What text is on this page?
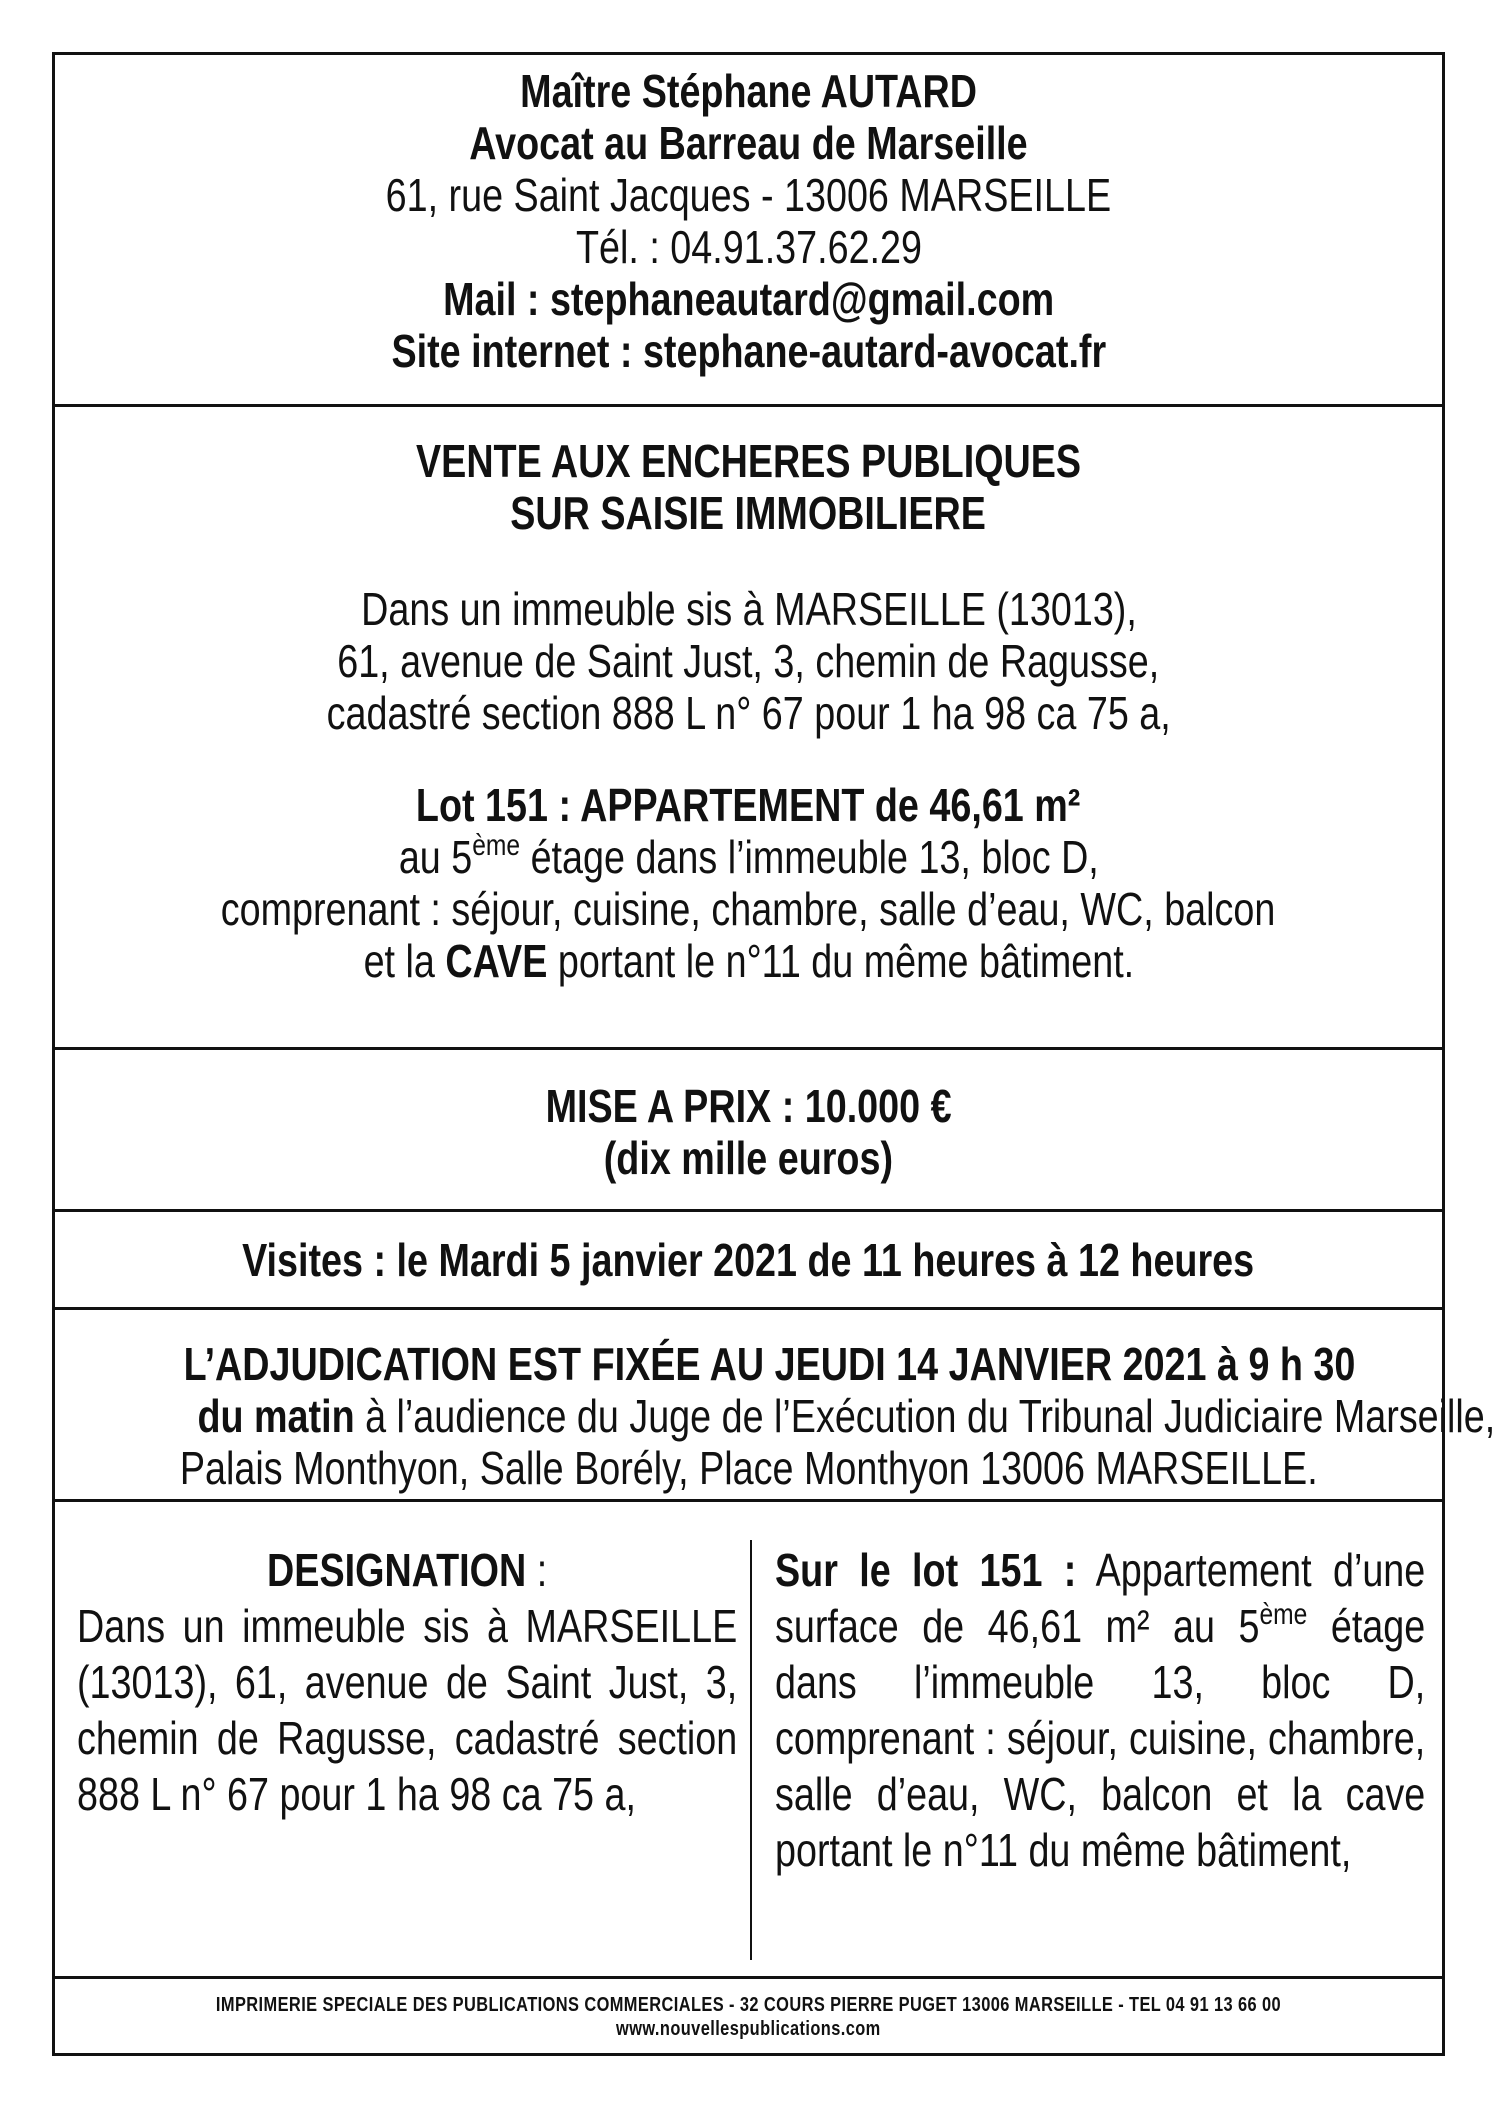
Maître Stéphane AUTARD
Avocat au Barreau de Marseille
61, rue Saint Jacques - 13006 MARSEILLE
Tél. : 04.91.37.62.29
Mail : stephaneautard@gmail.com
Site internet : stephane-autard-avocat.fr
VENTE AUX ENCHERES PUBLIQUES
SUR SAISIE IMMOBILIERE
Dans un immeuble sis à MARSEILLE (13013),
61, avenue de Saint Just, 3, chemin de Ragusse,
cadastré section 888 L n° 67 pour 1 ha 98 ca 75 a,
Lot 151 : APPARTEMENT de 46,61 m²
au 5ème étage dans l’immeuble 13, bloc D,
comprenant : séjour, cuisine, chambre, salle d’eau, WC, balcon
et la CAVE portant le n°11 du même bâtiment.
MISE A PRIX : 10.000 €
(dix mille euros)
Visites : le Mardi 5 janvier 2021 de 11 heures à 12 heures
L’ADJUDICATION EST FIXÉE AU JEUDI 14 JANVIER 2021 à 9 h 30
du matin à l’audience du Juge de l’Exécution du Tribunal Judiciaire Marseille,
Palais Monthyon, Salle Borély, Place Monthyon 13006 MARSEILLE.
DESIGNATION :
Dans un immeuble sis à MARSEILLE (13013), 61, avenue de Saint Just, 3, chemin de Ragusse, cadastré section 888 L n° 67 pour 1 ha 98 ca 75 a,
Sur le lot 151 : Appartement d’une surface de 46,61 m² au 5ème étage dans l’immeuble 13, bloc D, comprenant : séjour, cuisine, chambre, salle d’eau, WC, balcon et la cave portant le n°11 du même bâtiment,
IMPRIMERIE SPECIALE DES PUBLICATIONS COMMERCIALES - 32 COURS PIERRE PUGET 13006 MARSEILLE - TEL 04 91 13 66 00
www.nouvellespublications.com
